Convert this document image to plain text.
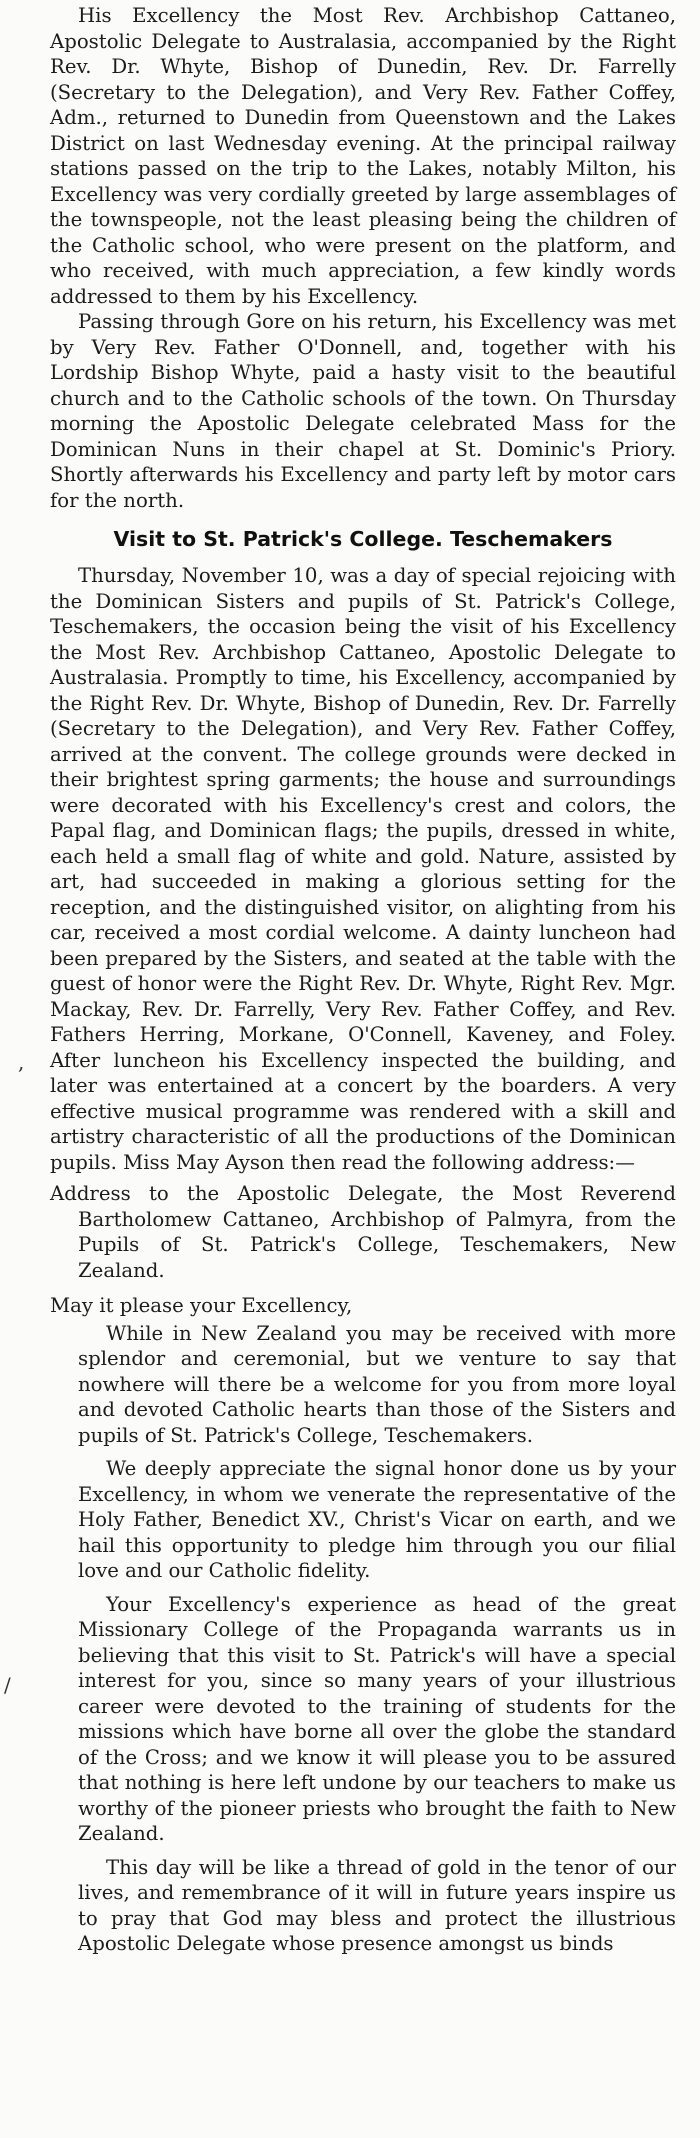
,
/

His Excellency the Most Rev. Archbishop Cattaneo, Apostolic Delegate to Australasia, accompanied by the Right Rev. Dr. Whyte, Bishop of Dunedin, Rev. Dr. Farrelly (Secretary to the Delegation), and Very Rev. Father Coffey, Adm., returned to Dunedin from Queenstown and the Lakes District on last Wednesday evening. At the principal railway stations passed on the trip to the Lakes, notably Milton, his Excellency was very cordially greeted by large assemblages of the townspeople, not the least pleasing being the children of the Catholic school, who were present on the platform, and who received, with much appreciation, a few kindly words addressed to them by his Excellency.

Passing through Gore on his return, his Excellency was met by Very Rev. Father O'Donnell, and, together with his Lordship Bishop Whyte, paid a hasty visit to the beautiful church and to the Catholic schools of the town. On Thursday morning the Apostolic Delegate celebrated Mass for the Dominican Nuns in their chapel at St. Dominic's Priory. Shortly afterwards his Excellency and party left by motor cars for the north.

Visit to St. Patrick's College. Teschemakers

Thursday, November 10, was a day of special rejoicing with the Dominican Sisters and pupils of St. Patrick's College, Teschemakers, the occasion being the visit of his Excellency the Most Rev. Archbishop Cattaneo, Apostolic Delegate to Australasia. Promptly to time, his Excellency, accompanied by the Right Rev. Dr. Whyte, Bishop of Dunedin, Rev. Dr. Farrelly (Secretary to the Delegation), and Very Rev. Father Coffey, arrived at the convent. The college grounds were decked in their brightest spring garments; the house and surroundings were decorated with his Excellency's crest and colors, the Papal flag, and Dominican flags; the pupils, dressed in white, each held a small flag of white and gold. Nature, assisted by art, had succeeded in making a glorious setting for the reception, and the distinguished visitor, on alighting from his car, received a most cordial welcome. A dainty luncheon had been prepared by the Sisters, and seated at the table with the guest of honor were the Right Rev. Dr. Whyte, Right Rev. Mgr. Mackay, Rev. Dr. Farrelly, Very Rev. Father Coffey, and Rev. Fathers Herring, Morkane, O'Connell, Kaveney, and Foley. After luncheon his Excellency inspected the building, and later was entertained at a concert by the boarders. A very effective musical programme was rendered with a skill and artistry characteristic of all the productions of the Dominican pupils. Miss May Ayson then read the following address:—

Address to the Apostolic Delegate, the Most Reverend Bartholomew Cattaneo, Archbishop of Palmyra, from the Pupils of St. Patrick's College, Teschemakers, New Zealand.

May it please your Excellency,

While in New Zealand you may be received with more splendor and ceremonial, but we venture to say that nowhere will there be a welcome for you from more loyal and devoted Catholic hearts than those of the Sisters and pupils of St. Patrick's College, Teschemakers.

We deeply appreciate the signal honor done us by your Excellency, in whom we venerate the representative of the Holy Father, Benedict XV., Christ's Vicar on earth, and we hail this opportunity to pledge him through you our filial love and our Catholic fidelity.

Your Excellency's experience as head of the great Missionary College of the Propaganda warrants us in believing that this visit to St. Patrick's will have a special interest for you, since so many years of your illustrious career were devoted to the training of students for the missions which have borne all over the globe the standard of the Cross; and we know it will please you to be assured that nothing is here left undone by our teachers to make us worthy of the pioneer priests who brought the faith to New Zealand.

This day will be like a thread of gold in the tenor of our lives, and remembrance of it will in future years inspire us to pray that God may bless and protect the illustrious Apostolic Delegate whose presence amongst us binds
